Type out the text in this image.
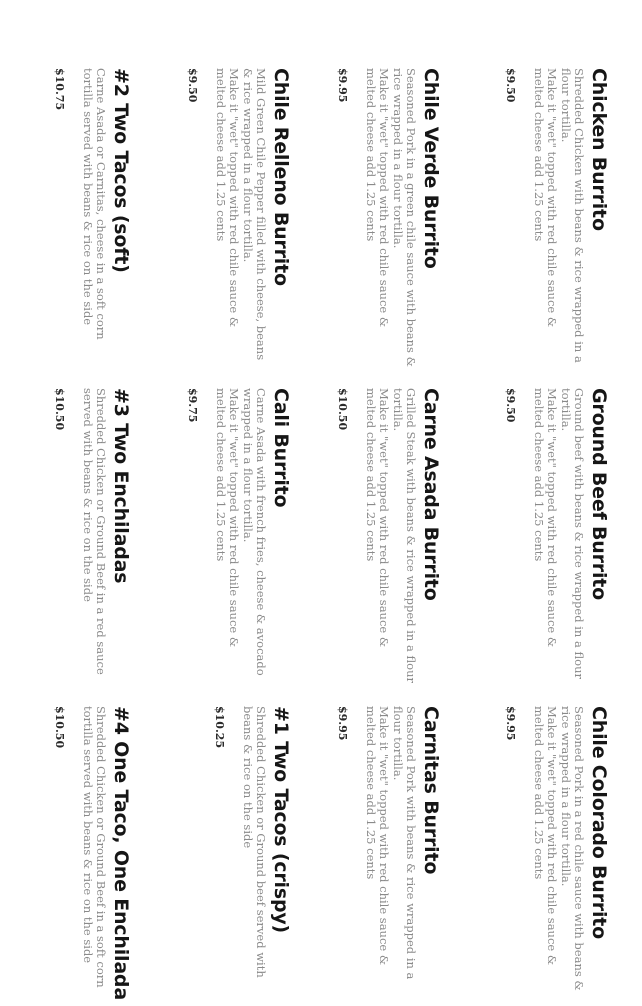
Chicken Burrito
Shredded Chicken with beans & rice wrapped in a flour tortilla.
Make it "wet" topped with red chile sauce & melted cheese add 1.25 cents
$9.50
Ground Beef Burrito
Ground beef with beans & rice wrapped in a flour tortilla.
Make it "wet" topped with red chile sauce & melted cheese add 1.25 cents
$9.50
Chile Colorado Burrito
Seasoned Pork in a red chile sauce with beans & rice wrapped in a flour tortilla.
Make it "wet" topped with red chile sauce & melted cheese add 1.25 cents
$9.95
Chile Verde Burrito
Seasoned Pork in a green chile sauce with beans & rice wrapped in a flour tortilla.
Make it "wet" topped with red chile sauce & melted cheese add 1.25 cents
$9.95
Carne Asada Burrito
Grilled Steak with beans & rice wrapped in a flour tortilla.
Make it "wet" topped with red chile sauce & melted cheese add 1.25 cents
$10.50
Carnitas Burrito
Seasoned Pork with beans & rice wrapped in a flour tortilla.
Make it "wet" topped with red chile sauce & melted cheese add 1.25 cents
$9.95
Chile Relleno Burrito
Mild Green Chile Pepper filled with cheese, beans & rice wrapped in a flour tortilla.
Make it "wet" topped with red chile sauce & melted cheese add 1.25 cents
$9.50
Cali Burrito
Carne Asada with french fries, cheese & avocado wrapped in a flour tortilla.
Make it "wet" topped with red chile sauce & melted cheese add 1.25 cents
$9.75
#1 Two Tacos (crispy)
Shredded Chicken or Ground beef served with beans & rice on the side
$10.25
#2 Two Tacos (soft)
Carne Asada or Carnitas, cheese in a soft corn tortilla served with beans & rice on the side
$10.75
#3 Two Enchiladas
Shredded Chicken or Ground Beef in a red sauce served with beans & rice on the side
$10.50
#4 One Taco, One Enchilada
Shredded Chicken or Ground Beef in a soft corn tortilla served with beans & rice on the side
$10.50
